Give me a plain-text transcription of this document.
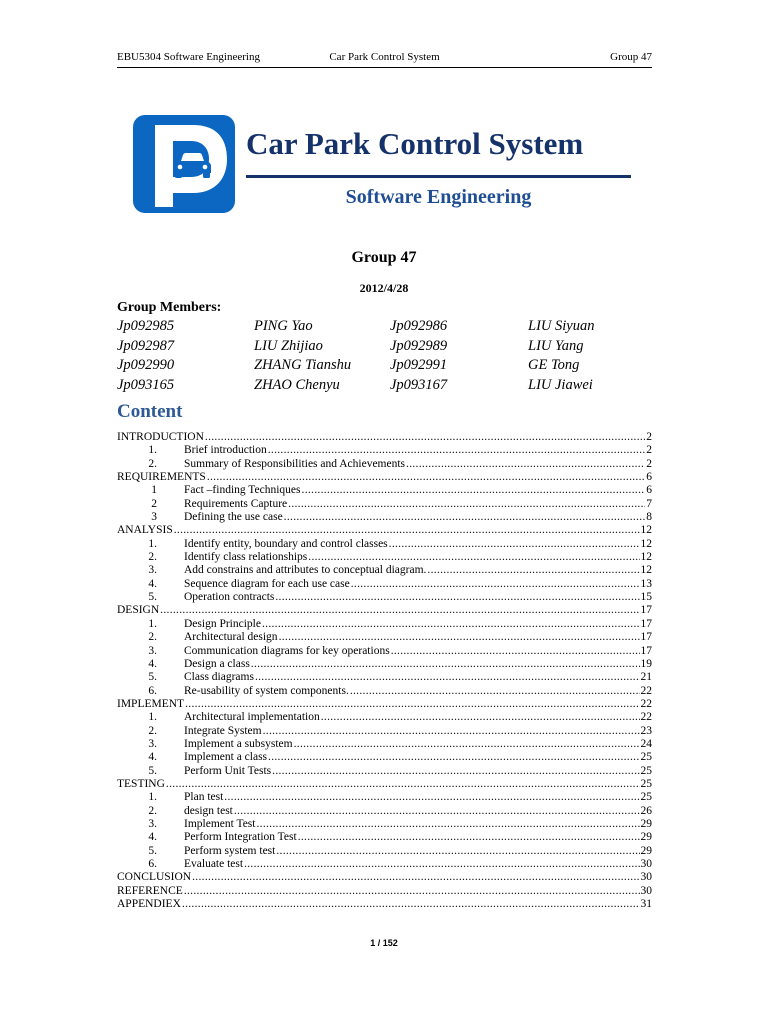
EBU5304 Software Engineering	Car Park Control System	Group 47
Car Park Control System
Software Engineering
Group 47
2012/4/28
Group Members:
Jp092985	PING Yao	Jp092986	LIU Siyuan
Jp092987	LIU Zhijiao	Jp092989	LIU Yang
Jp092990	ZHANG Tianshu	Jp092991	GE Tong
Jp093165	ZHAO Chenyu	Jp093167	LIU Jiawei
Content
INTRODUCTION .....	2
1. Brief introduction .....	2
2. Summary of Responsibilities and Achievements .....	2
REQUIREMENTS .....	6
1 Fact –finding Techniques .....	6
2 Requirements Capture .....	7
3 Defining the use case .....	8
ANALYSIS .....	12
1. Identify entity, boundary and control classes .....	12
2. Identify class relationships .....	12
3. Add constrains and attributes to conceptual diagram. .....	12
4. Sequence diagram for each use case .....	13
5. Operation contracts .....	15
DESIGN .....	17
1. Design Principle .....	17
2. Architectural design .....	17
3. Communication diagrams for key operations .....	17
4. Design a class .....	19
5. Class diagrams .....	21
6. Re-usability of system components. .....	22
IMPLEMENT .....	22
1. Architectural implementation .....	22
2. Integrate System .....	23
3. Implement a subsystem .....	24
4. Implement a class .....	25
5. Perform Unit Tests .....	25
TESTING .....	25
1. Plan test .....	25
2. design test .....	26
3. Implement Test .....	29
4. Perform Integration Test .....	29
5. Perform system test .....	29
6. Evaluate test .....	30
CONCLUSION .....	30
REFERENCE .....	30
APPENDIEX .....	31
1 / 152
